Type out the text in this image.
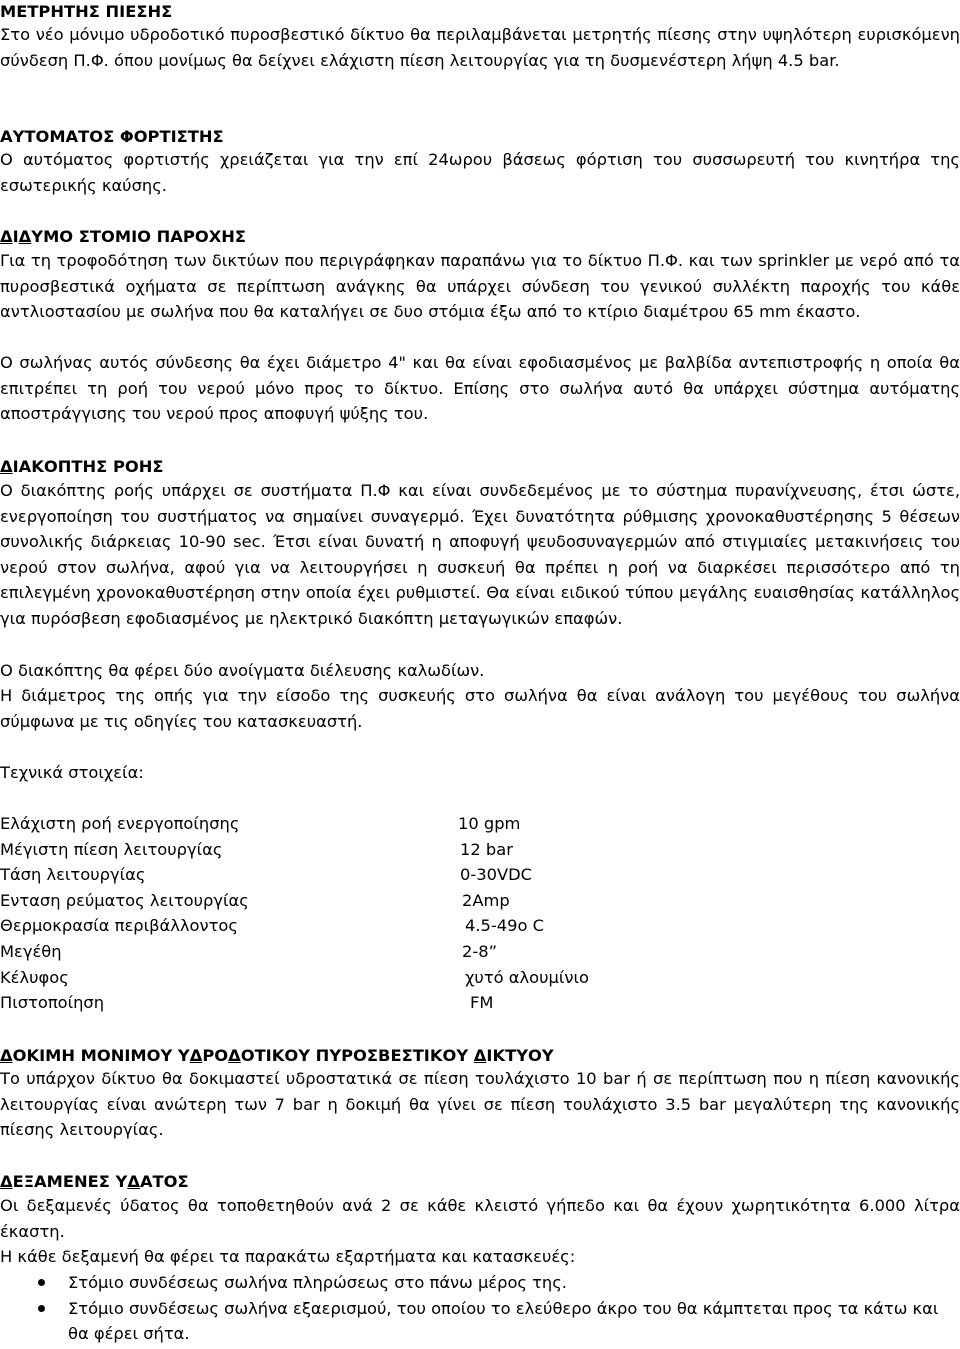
ΜΕΤΡΗΤΗΣ ΠΙΕΣΗΣ

Στο νέο μόνιμο υδροδοτικό πυροσβεστικό δίκτυο θα περιλαμβάνεται μετρητής πίεσης στην υψηλότερη ευρισκόμενη σύνδεση Π.Φ. όπου μονίμως θα δείχνει ελάχιστη πίεση λειτουργίας για τη δυσμενέστερη λήψη 4.5 bar.

ΑΥΤΟΜΑΤΟΣ ΦΟΡΤΙΣΤΗΣ

Ο αυτόματος φορτιστής χρειάζεται για την επί 24ωρου βάσεως φόρτιση του συσσωρευτή του κινητήρα της εσωτερικής καύσης.

ΔΙΔΥΜΟ ΣΤΟΜΙΟ ΠΑΡΟΧΗΣ

Για τη τροφοδότηση των δικτύων που περιγράφηκαν παραπάνω για το δίκτυο Π.Φ. και των sprinkler με νερό από τα πυροσβεστικά οχήματα σε περίπτωση ανάγκης θα υπάρχει σύνδεση του γενικού συλλέκτη παροχής του κάθε αντλιοστασίου με σωλήνα που θα καταλήγει σε δυο στόμια έξω από το κτίριο διαμέτρου 65 mm έκαστο.

Ο σωλήνας αυτός σύνδεσης θα έχει διάμετρο 4" και θα είναι εφοδιασμένος με βαλβίδα αντεπιστροφής η οποία θα επιτρέπει τη ροή του νερού μόνο προς το δίκτυο. Επίσης στο σωλήνα αυτό θα υπάρχει σύστημα αυτόματης αποστράγγισης του νερού προς αποφυγή ψύξης του.

ΔΙΑΚΟΠΤΗΣ ΡΟΗΣ

Ο διακόπτης ροής υπάρχει σε συστήματα Π.Φ και είναι συνδεδεμένος με το σύστημα πυρανίχνευσης, έτσι ώστε, ενεργοποίηση του συστήματος να σημαίνει συναγερμό. Έχει δυνατότητα ρύθμισης χρονοκαθυστέρησης 5 θέσεων συνολικής διάρκειας 10-90 sec. Έτσι είναι δυνατή η αποφυγή ψευδοσυναγερμών από στιγμιαίες μετακινήσεις του νερού στον σωλήνα, αφού για να λειτουργήσει η συσκευή θα πρέπει η ροή να διαρκέσει περισσότερο από τη επιλεγμένη χρονοκαθυστέρηση στην οποία έχει ρυθμιστεί. Θα είναι ειδικού τύπου μεγάλης ευαισθησίας κατάλληλος για πυρόσβεση εφοδιασμένος με ηλεκτρικό διακόπτη μεταγωγικών επαφών.

Ο διακόπτης θα φέρει δύο ανοίγματα διέλευσης καλωδίων.

Η διάμετρος της οπής για την είσοδο της συσκευής στο σωλήνα θα είναι ανάλογη του μεγέθους του σωλήνα σύμφωνα με τις οδηγίες του κατασκευαστή.

Τεχνικά στοιχεία:

Ελάχιστη ροή ενεργοποίησης	10 gpm
Μέγιστη πίεση λειτουργίας	12 bar
Τάση λειτουργίας	0-30VDC
Ενταση ρεύματος λειτουργίας	2Amp
Θερμοκρασία περιβάλλοντος	4.5-49o C
Μεγέθη	2-8”
Κέλυφος	χυτό αλουμίνιο
Πιστοποίηση	FM
ΔΟΚΙΜΗ ΜΟΝΙΜΟΥ ΥΔΡΟΔΟΤΙΚΟΥ ΠΥΡΟΣΒΕΣΤΙΚΟΥ ΔΙΚΤΥΟΥ

Το υπάρχον δίκτυο θα δοκιμαστεί υδροστατικά σε πίεση τουλάχιστο 10 bar ή σε περίπτωση που η πίεση κανονικής λειτουργίας είναι ανώτερη των 7 bar η δοκιμή θα γίνει σε πίεση τουλάχιστο 3.5 bar μεγαλύτερη της κανονικής πίεσης λειτουργίας.

ΔΕΞΑΜΕΝΕΣ ΥΔΑΤΟΣ

Οι δεξαμενές ύδατος θα τοποθετηθούν ανά 2 σε κάθε κλειστό γήπεδο και θα έχουν χωρητικότητα 6.000 λίτρα έκαστη.

Η κάθε δεξαμενή θα φέρει τα παρακάτω εξαρτήματα και κατασκευές:

Στόμιο συνδέσεως σωλήνα πληρώσεως στο πάνω μέρος της.
Στόμιο συνδέσεως σωλήνα εξαερισμού, του οποίου το ελεύθερο άκρο του θα κάμπτεται προς τα κάτω και θα φέρει σήτα.
